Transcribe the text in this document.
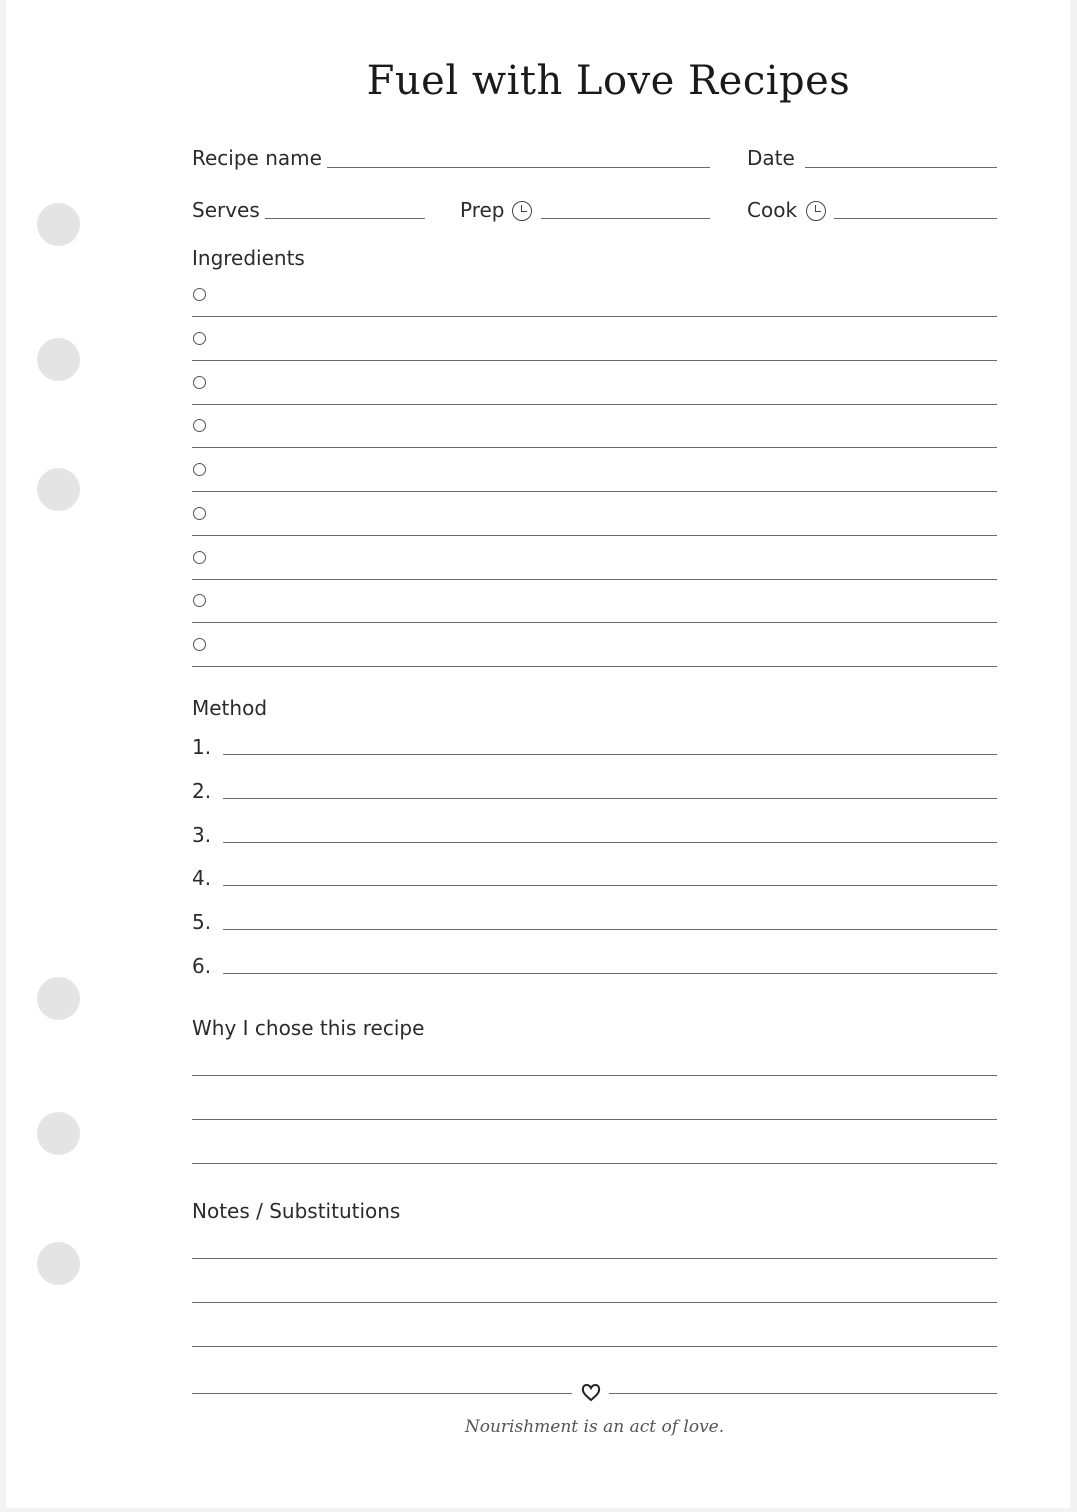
Fuel with Love Recipes
Recipe name	Date
Serves	Prep	Cook
Ingredients
Method
1.
2.
3.
4.
5.
6.
Why I chose this recipe
Notes / Substitutions
Nourishment is an act of love.
